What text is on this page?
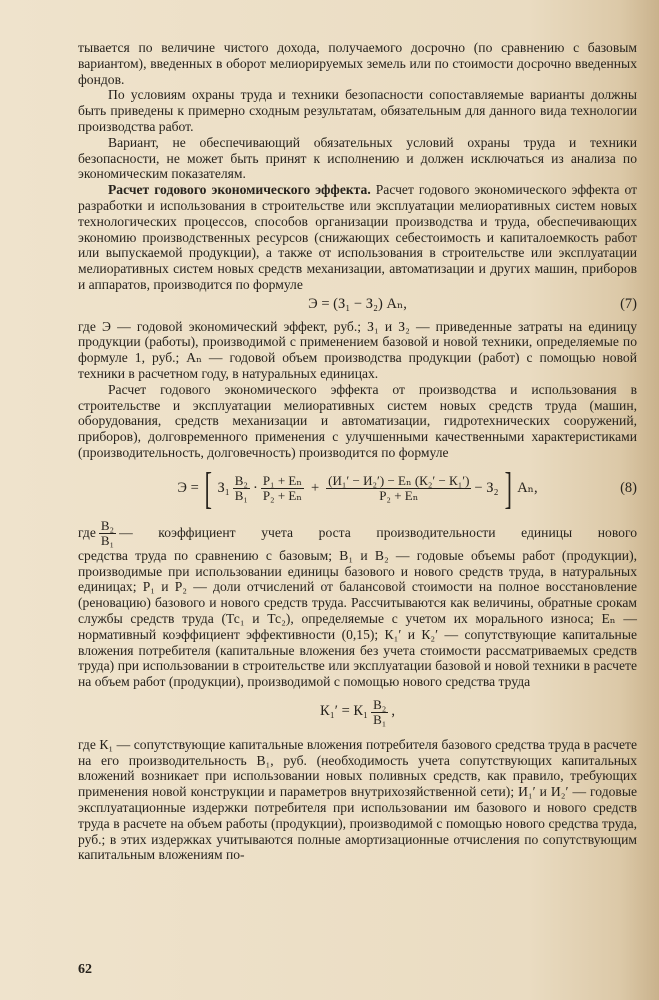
тывается по величине чистого дохода, получаемого досрочно (по сравнению с базовым вариантом), введенных в оборот мелиорируемых земель или по стоимости досрочно введенных фондов.

По условиям охраны труда и техники безопасности сопоставляемые варианты должны быть приведены к примерно сходным результатам, обязательным для данного вида технологии производства работ.

Вариант, не обеспечивающий обязательных условий охраны труда и техники безопасности, не может быть принят к исполнению и должен исключаться из анализа по экономическим показателям.

Расчет годового экономического эффекта. Расчет годового экономического эффекта от разработки и использования в строительстве или эксплуатации мелиоративных систем новых технологических процессов, способов организации производства и труда, обеспечивающих экономию производственных ресурсов (снижающих себестоимость и капиталоемкость работ или выпускаемой продукции), а также от использования в строительстве или эксплуатации мелиоративных систем новых средств механизации, автоматизации и других машин, приборов и аппаратов, производится по формуле

Э = (З₁ − З₂) Аₙ,	(7)

где Э — годовой экономический эффект, руб.; З₁ и З₂ — приведенные затраты на единицу продукции (работы), производимой с применением базовой и новой техники, определяемые по формуле 1, руб.; Аₙ — годовой объем производства продукции (работ) с помощью новой техники в расчетном году, в натуральных единицах.

Расчет годового экономического эффекта от производства и использования в строительстве и эксплуатации мелиоративных систем новых средств труда (машин, оборудования, средств механизации и автоматизации, гидротехнических сооружений, приборов), долговременного применения с улучшенными качественными характеристиками (производительность, долговечность) производится по формуле

Э = [ $З_1 \frac{\text{В₂}}{\text{В₁}} \cdot \frac{\text{Р₁ + Еₙ}}{\text{Р₂ + Еₙ}} + \frac{\text{(И₁′ − И₂′) − Еₙ (К₂′ − К₁′)}}{\text{Р₂ + Еₙ}} - З_2$ ] Аₙ,	(8)
где $\frac{\text{В₂}}{\text{В₁}}$ — коэффициент учета роста производительности единицы нового

средства труда по сравнению с базовым; В₁ и В₂ — годовые объемы работ (продукции), производимые при использовании единицы базового и нового средств труда, в натуральных единицах; Р₁ и Р₂ — доли отчислений от балансовой стоимости на полное восстановление (реновацию) базового и нового средств труда. Рассчитываются как величины, обратные срокам службы средств труда (Тс₁ и Тс₂), определяемые с учетом их морального износа; Еₙ — нормативный коэффициент эффективности (0,15); К₁′ и К₂′ — сопутствующие капитальные вложения потребителя (капитальные вложения без учета стоимости рассматриваемых средств труда) при использовании в строительстве или эксплуатации базовой и новой техники в расчете на объем работ (продукции), производимой с помощью нового средства труда

$К_1' = К_1 \frac{\text{В₂}}{\text{В₁}}$ ,

где К₁ — сопутствующие капитальные вложения потребителя базового средства труда в расчете на его производительность В₁, руб. (необходимость учета сопутствующих капитальных вложений возникает при использовании новых поливных средств, как правило, требующих применения новой конструкции и параметров внутрихозяйственной сети); И₁′ и И₂′ — годовые эксплуатационные издержки потребителя при использовании им базового и нового средств труда в расчете на объем работы (продукции), производимой с помощью нового средства труда, руб.; в этих издержках учитываются полные амортизационные отчисления по сопутствующим капитальным вложениям по-

62
